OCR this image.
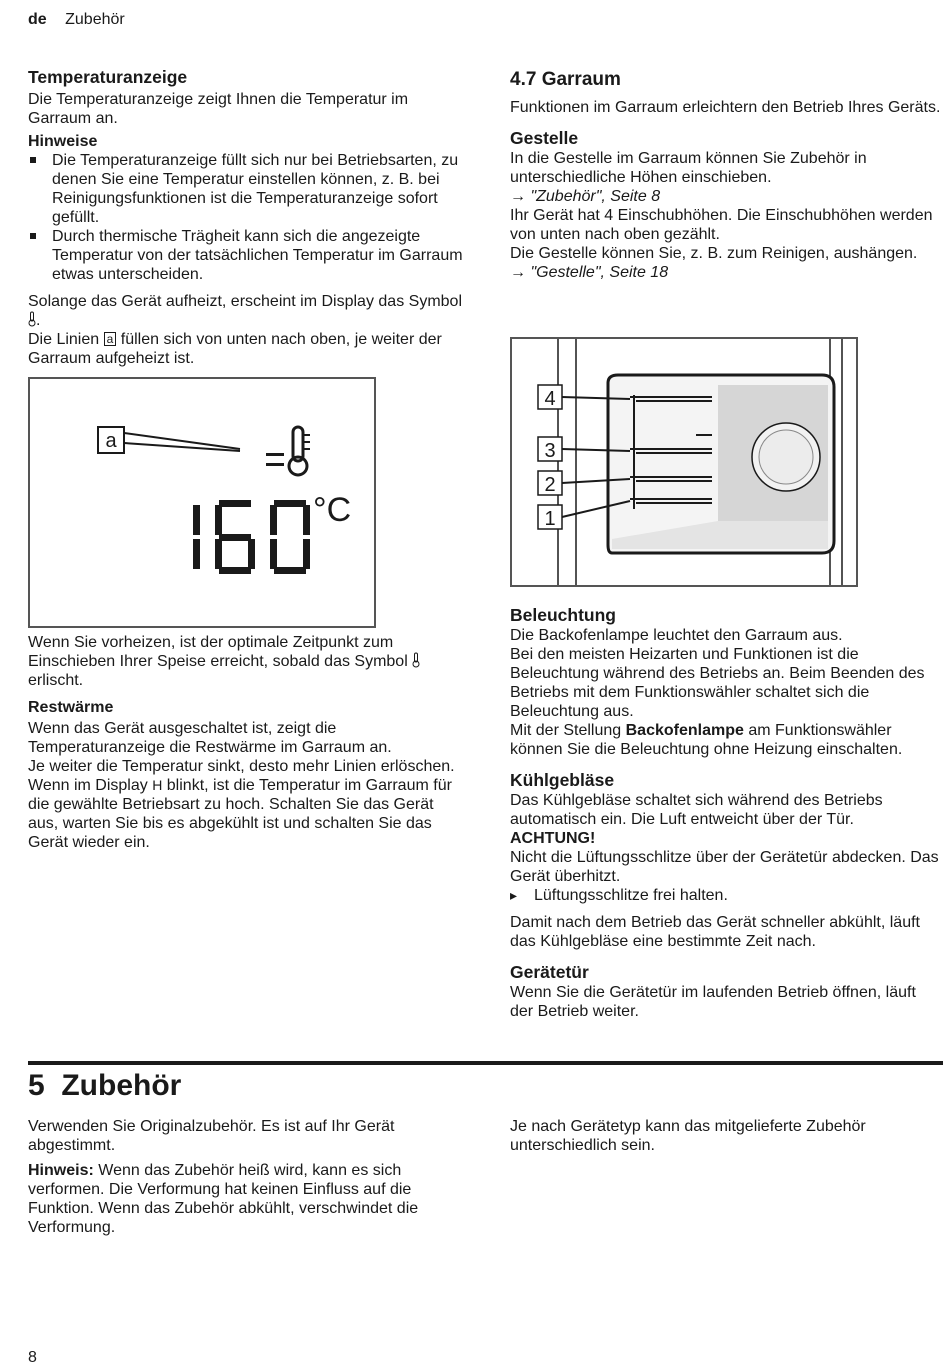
de Zubehör
Temperaturanzeige

Die Temperaturanzeige zeigt Ihnen die Temperatur im Garraum an.

Hinweise

Die Temperaturanzeige füllt sich nur bei Betriebsarten, zu denen Sie eine Temperatur einstellen können, z. B. bei Reinigungsfunktionen ist die Temperaturanzeige sofort gefüllt.
Durch thermische Trägheit kann sich die angezeigte Temperatur von der tatsächlichen Temperatur im Garraum etwas unterscheiden.

Solange das Gerät aufheizt, erscheint im Display das Symbol .

Die Linien a füllen sich von unten nach oben, je weiter der Garraum aufgeheizt ist.

a
°C

Wenn Sie vorheizen, ist der optimale Zeitpunkt zum Einschieben Ihrer Speise erreicht, sobald das Symbol  erlischt.

Restwärme

Wenn das Gerät ausgeschaltet ist, zeigt die Temperaturanzeige die Restwärme im Garraum an.

Je weiter die Temperatur sinkt, desto mehr Linien erlöschen.

Wenn im Display H blinkt, ist die Temperatur im Garraum für die gewählte Betriebsart zu hoch. Schalten Sie das Gerät aus, warten Sie bis es abgekühlt ist und schalten Sie das Gerät wieder ein.

4.7 Garraum

Funktionen im Garraum erleichtern den Betrieb Ihres Geräts.

Gestelle

In die Gestelle im Garraum können Sie Zubehör in unterschiedliche Höhen einschieben.

→ "Zubehör", Seite 8

Ihr Gerät hat 4 Einschubhöhen. Die Einschubhöhen werden von unten nach oben gezählt.

Die Gestelle können Sie, z. B. zum Reinigen, aushängen.

→ "Gestelle", Seite 18

4
3
2
1
Beleuchtung

Die Backofenlampe leuchtet den Garraum aus.

Bei den meisten Heizarten und Funktionen ist die Beleuchtung während des Betriebs an. Beim Beenden des Betriebs mit dem Funktionswähler schaltet sich die Beleuchtung aus.

Mit der Stellung Backofenlampe am Funktionswähler können Sie die Beleuchtung ohne Heizung einschalten.

Kühlgebläse

Das Kühlgebläse schaltet sich während des Betriebs automatisch ein. Die Luft entweicht über der Tür.

ACHTUNG!

Nicht die Lüftungsschlitze über der Gerätetür abdecken. Das Gerät überhitzt.

▸ Lüftungsschlitze frei halten.

Damit nach dem Betrieb das Gerät schneller abkühlt, läuft das Kühlgebläse eine bestimmte Zeit nach.

Gerätetür

Wenn Sie die Gerätetür im laufenden Betrieb öffnen, läuft der Betrieb weiter.

5  Zubehör

Verwenden Sie Originalzubehör. Es ist auf Ihr Gerät abgestimmt.

Hinweis: Wenn das Zubehör heiß wird, kann es sich verformen. Die Verformung hat keinen Einfluss auf die Funktion. Wenn das Zubehör abkühlt, verschwindet die Verformung.

Je nach Gerätetyp kann das mitgelieferte Zubehör unterschiedlich sein.

8
